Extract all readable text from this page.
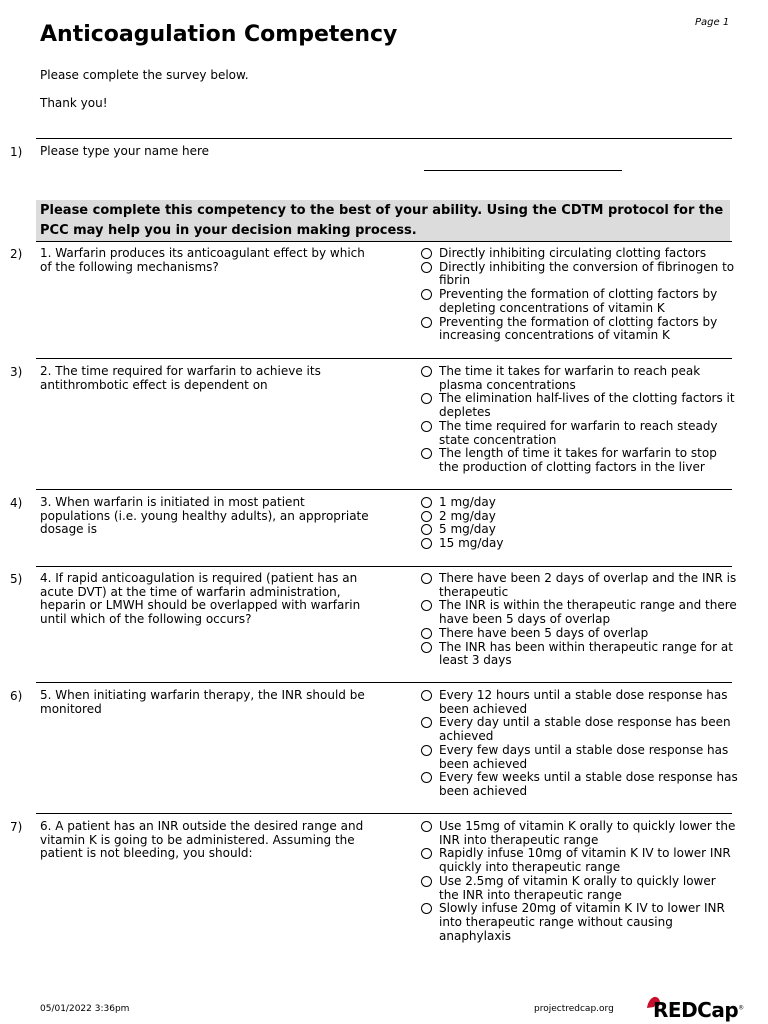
Page 1
Anticoagulation Competency
Please complete the survey below.
Thank you!
1) Please type your name here
Please complete this competency to the best of your ability. Using the CDTM protocol for the PCC may help you in your decision making process.
2) 1. Warfarin produces its anticoagulant effect by which of the following mechanisms?
Directly inhibiting circulating clotting factors
Directly inhibiting the conversion of fibrinogen to fibrin
Preventing the formation of clotting factors by depleting concentrations of vitamin K
Preventing the formation of clotting factors by increasing concentrations of vitamin K
3) 2. The time required for warfarin to achieve its antithrombotic effect is dependent on
The time it takes for warfarin to reach peak plasma concentrations
The elimination half-lives of the clotting factors it depletes
The time required for warfarin to reach steady state concentration
The length of time it takes for warfarin to stop the production of clotting factors in the liver
4) 3. When warfarin is initiated in most patient populations (i.e. young healthy adults), an appropriate dosage is
1 mg/day
2 mg/day
5 mg/day
15 mg/day
5) 4. If rapid anticoagulation is required (patient has an acute DVT) at the time of warfarin administration, heparin or LMWH should be overlapped with warfarin until which of the following occurs?
There have been 2 days of overlap and the INR is therapeutic
The INR is within the therapeutic range and there have been 5 days of overlap
There have been 5 days of overlap
The INR has been within therapeutic range for at least 3 days
6) 5. When initiating warfarin therapy, the INR should be monitored
Every 12 hours until a stable dose response has been achieved
Every day until a stable dose response has been achieved
Every few days until a stable dose response has been achieved
Every few weeks until a stable dose response has been achieved
7) 6. A patient has an INR outside the desired range and vitamin K is going to be administered. Assuming the patient is not bleeding, you should:
Use 15mg of vitamin K orally to quickly lower the INR into therapeutic range
Rapidly infuse 10mg of vitamin K IV to lower INR quickly into therapeutic range
Use 2.5mg of vitamin K orally to quickly lower the INR into therapeutic range
Slowly infuse 20mg of vitamin K IV to lower INR into therapeutic range without causing anaphylaxis
05/01/2022 3:36pm	projectredcap.org REDCap®
